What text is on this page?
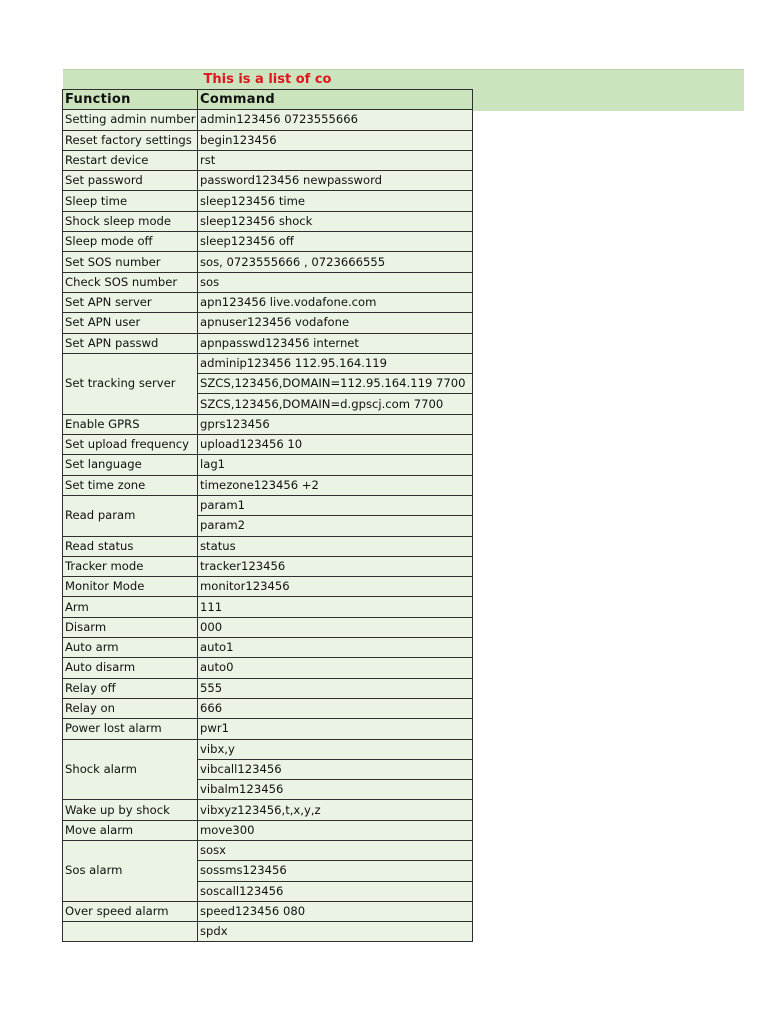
This is a list of co
Function	Command
Setting admin number	admin123456 0723555666
Reset factory settings	begin123456
Restart device	rst
Set password	password123456 newpassword
Sleep time	sleep123456 time
Shock sleep mode	sleep123456 shock
Sleep mode off	sleep123456 off
Set SOS number	sos, 0723555666 , 0723666555
Check SOS number	sos
Set APN server	apn123456 live.vodafone.com
Set APN user	apnuser123456 vodafone
Set APN passwd	apnpasswd123456 internet
Set tracking server	adminip123456 112.95.164.119
	SZCS,123456,DOMAIN=112.95.164.119 7700
	SZCS,123456,DOMAIN=d.gpscj.com 7700
Enable GPRS	gprs123456
Set upload frequency	upload123456 10
Set language	lag1
Set time zone	timezone123456 +2
Read param	param1
	param2
Read status	status
Tracker mode	tracker123456
Monitor Mode	monitor123456
Arm	111
Disarm	000
Auto arm	auto1
Auto disarm	auto0
Relay off	555
Relay on	666
Power lost alarm	pwr1
Shock alarm	vibx,y
	vibcall123456
	vibalm123456
Wake up by shock	vibxyz123456,t,x,y,z
Move alarm	move300
Sos alarm	sosx
	sossms123456
	soscall123456
Over speed alarm	speed123456 080
	spdx
